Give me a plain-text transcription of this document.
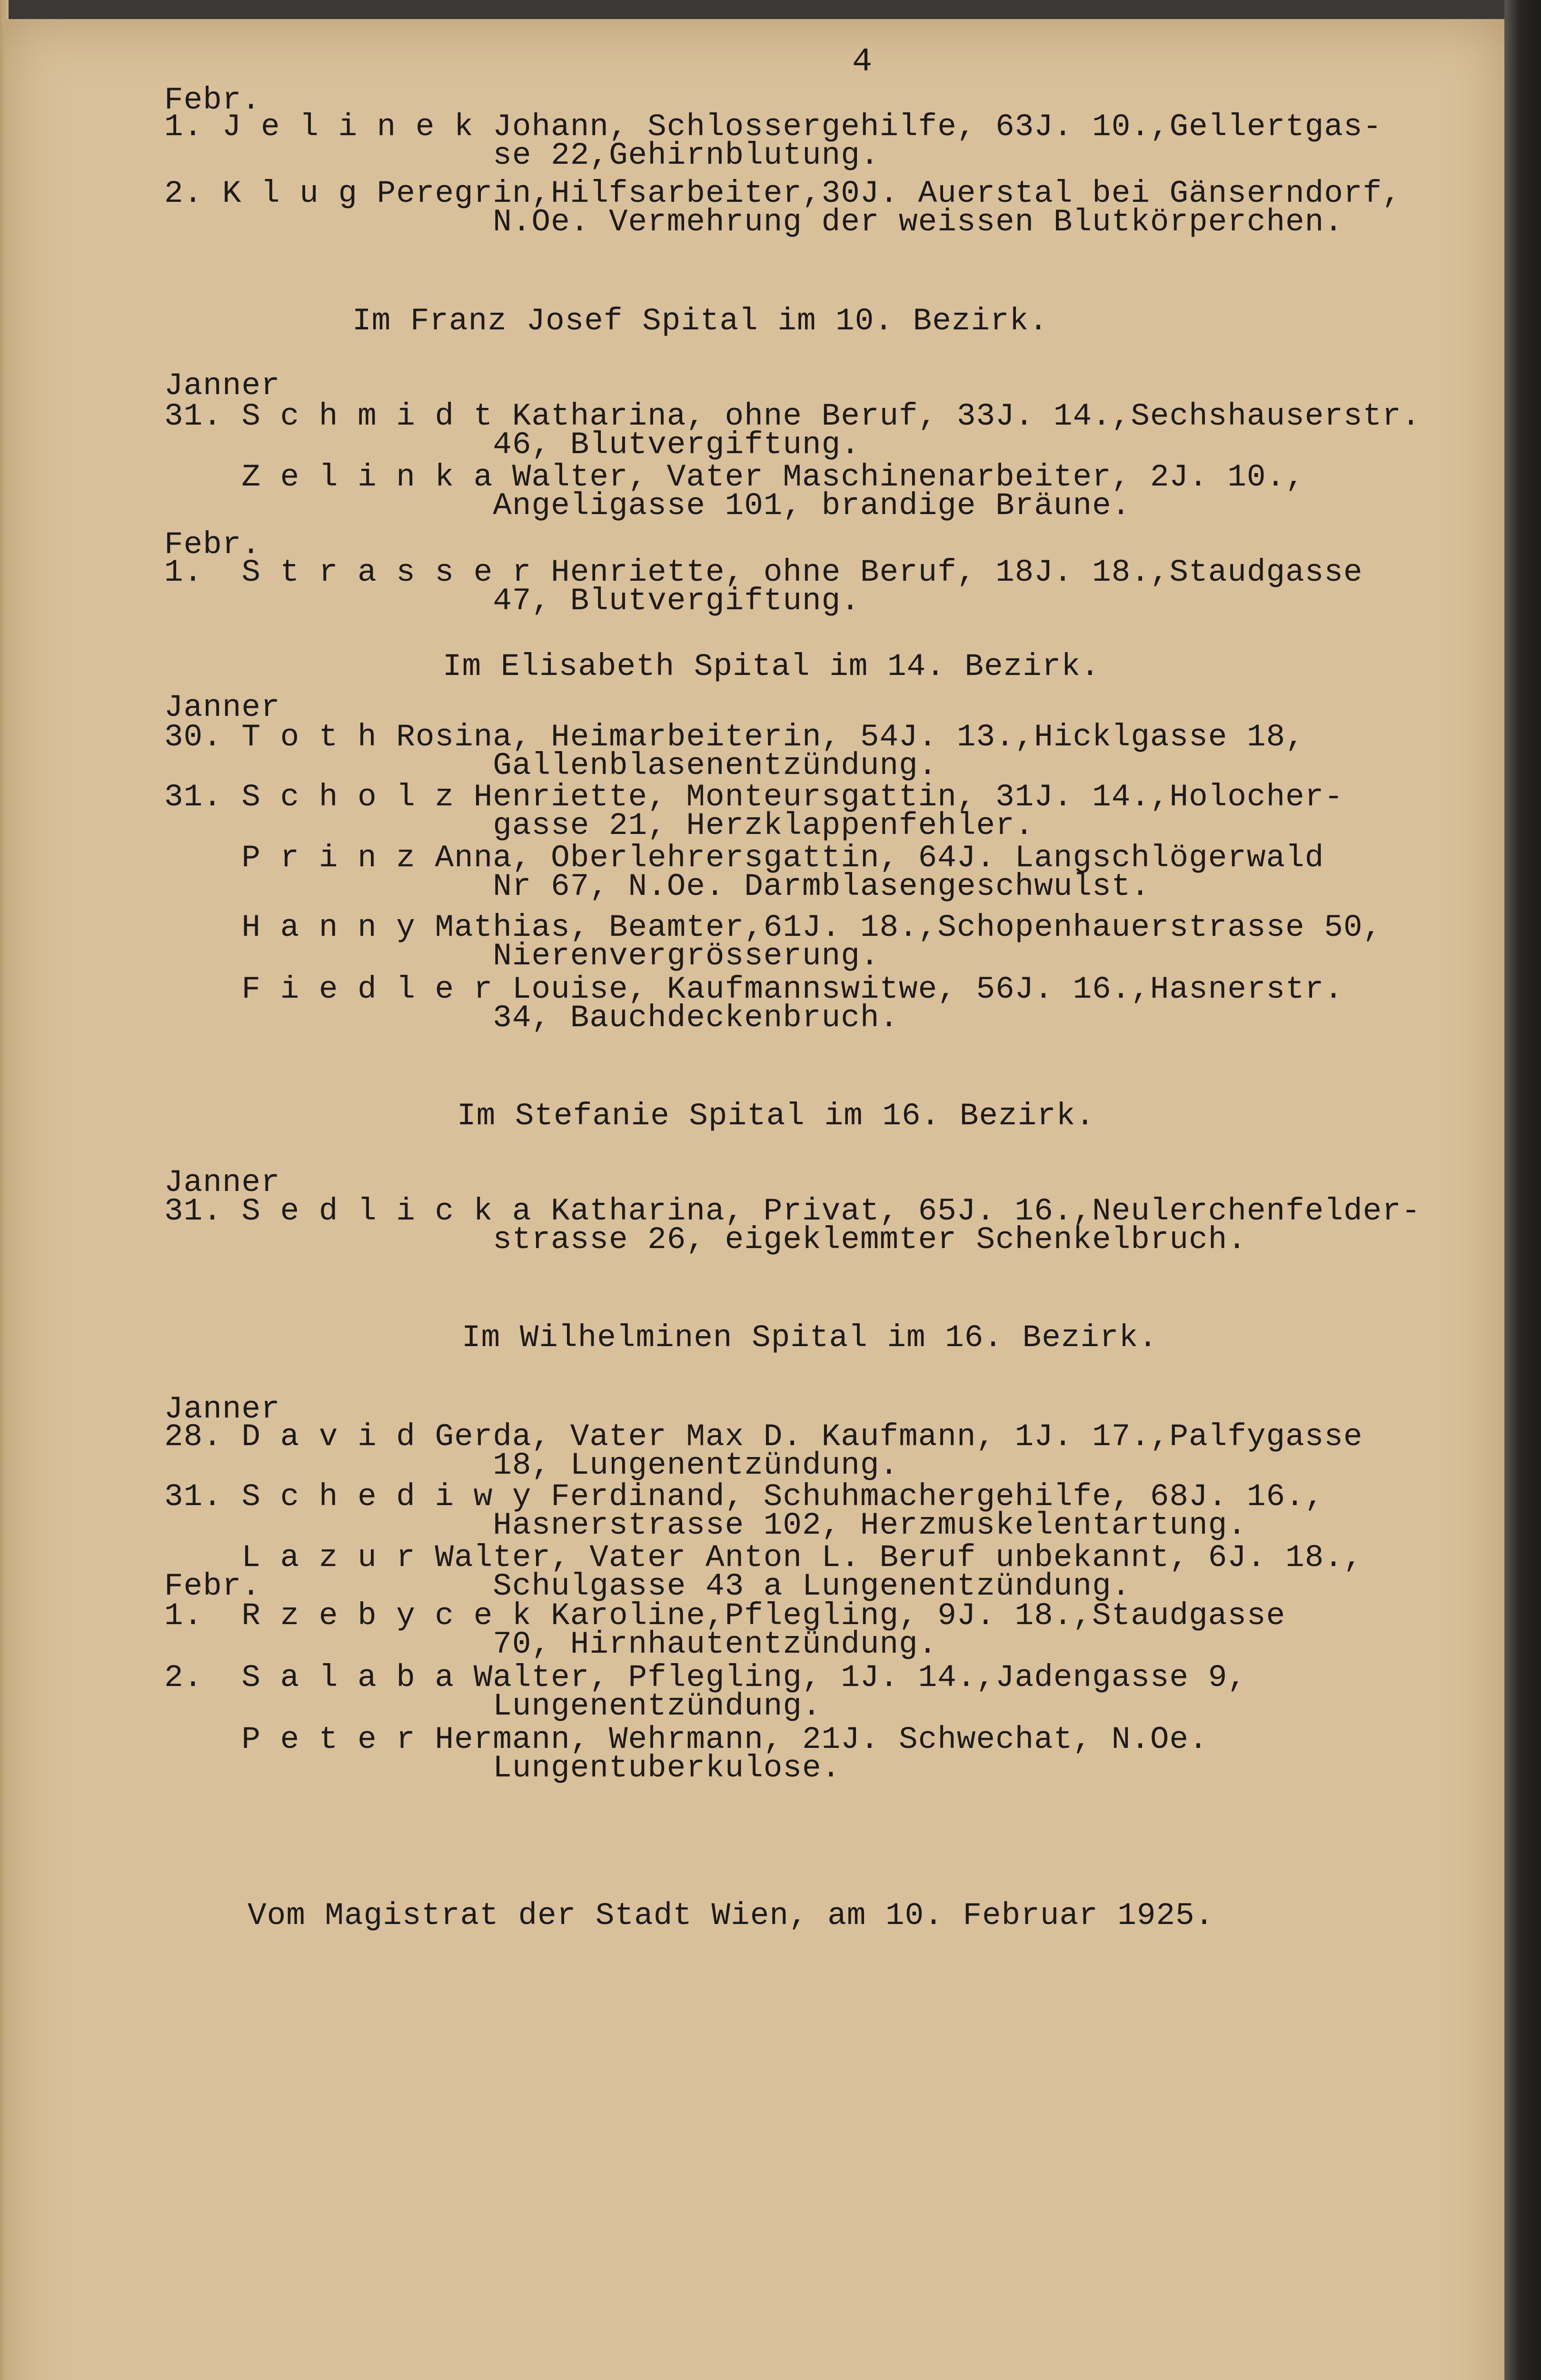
4
Febr.
1. J e l i n e k Johann, Schlossergehilfe, 63J. 10.,Gellertgas-
se 22,Gehirnblutung.
2. K l u g Peregrin,Hilfsarbeiter,30J. Auerstal bei Gänserndorf,
N.Oe. Vermehrung der weissen Blutkörperchen.
Im Franz Josef Spital im 10. Bezirk.
Janner
31. S c h m i d t Katharina, ohne Beruf, 33J. 14.,Sechshauserstr.
46, Blutvergiftung.
Z e l i n k a Walter, Vater Maschinenarbeiter, 2J. 10.,
Angeligasse 101, brandige Bräune.
Febr.
1.  S t r a s s e r Henriette, ohne Beruf, 18J. 18.,Staudgasse
47, Blutvergiftung.
Im Elisabeth Spital im 14. Bezirk.
Janner
30. T o t h Rosina, Heimarbeiterin, 54J. 13.,Hicklgasse 18,
Gallenblasenentzündung.
31. S c h o l z Henriette, Monteursgattin, 31J. 14.,Holocher-
gasse 21, Herzklappenfehler.
P r i n z Anna, Oberlehrersgattin, 64J. Langschlögerwald
Nr 67, N.Oe. Darmblasengeschwulst.
H a n n y Mathias, Beamter,61J. 18.,Schopenhauerstrasse 50,
Nierenvergrösserung.
F i e d l e r Louise, Kaufmannswitwe, 56J. 16.,Hasnerstr.
34, Bauchdeckenbruch.
Im Stefanie Spital im 16. Bezirk.
Janner
31. S e d l i c k a Katharina, Privat, 65J. 16.,Neulerchenfelder-
strasse 26, eigeklemmter Schenkelbruch.
Im Wilhelminen Spital im 16. Bezirk.
Janner
28. D a v i d Gerda, Vater Max D. Kaufmann, 1J. 17.,Palfygasse
18, Lungenentzündung.
31. S c h e d i w y Ferdinand, Schuhmachergehilfe, 68J. 16.,
Hasnerstrasse 102, Herzmuskelentartung.
L a z u r Walter, Vater Anton L. Beruf unbekannt, 6J. 18.,
Febr.            Schulgasse 43 a Lungenentzündung.
1.  R z e b y c e k Karoline,Pflegling, 9J. 18.,Staudgasse
70, Hirnhautentzündung.
2.  S a l a b a Walter, Pflegling, 1J. 14.,Jadengasse 9,
Lungenentzündung.
P e t e r Hermann, Wehrmann, 21J. Schwechat, N.Oe.
Lungentuberkulose.
Vom Magistrat der Stadt Wien, am 10. Februar 1925.
